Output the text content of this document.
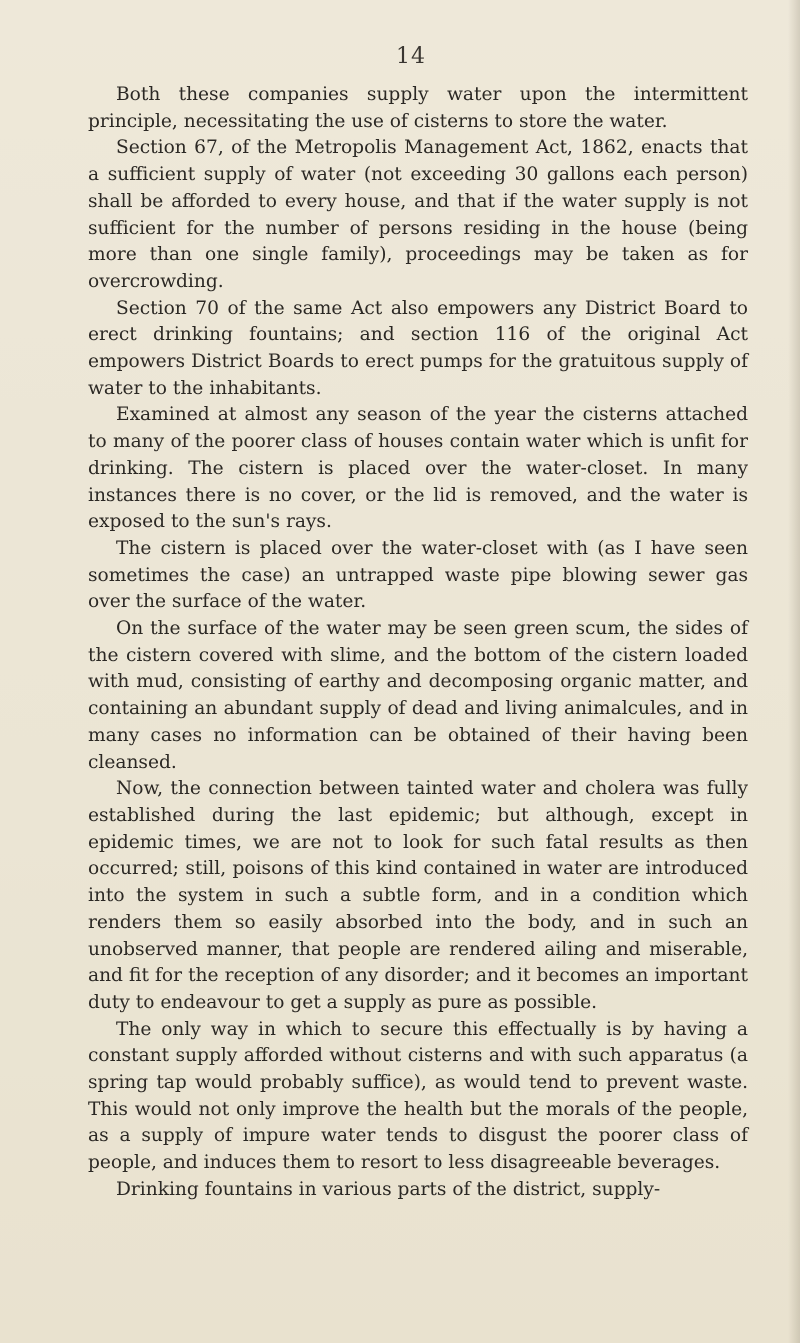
14

Both these companies supply water upon the intermittent principle, necessitating the use of cisterns to store the water.

Section 67, of the Metropolis Management Act, 1862, enacts that a sufficient supply of water (not exceeding 30 gallons each person) shall be afforded to every house, and that if the water supply is not sufficient for the number of persons residing in the house (being more than one single family), proceedings may be taken as for overcrowding.

Section 70 of the same Act also empowers any District Board to erect drinking fountains; and section 116 of the original Act empowers District Boards to erect pumps for the gratuitous supply of water to the inhabitants.

Examined at almost any season of the year the cisterns attached to many of the poorer class of houses contain water which is unfit for drinking. The cistern is placed over the water-closet. In many instances there is no cover, or the lid is removed, and the water is exposed to the sun's rays.

The cistern is placed over the water-closet with (as I have seen sometimes the case) an untrapped waste pipe blowing sewer gas over the surface of the water.

On the surface of the water may be seen green scum, the sides of the cistern covered with slime, and the bottom of the cistern loaded with mud, consisting of earthy and decomposing organic matter, and containing an abundant supply of dead and living animalcules, and in many cases no information can be obtained of their having been cleansed.

Now, the connection between tainted water and cholera was fully established during the last epidemic; but although, except in epidemic times, we are not to look for such fatal results as then occurred; still, poisons of this kind contained in water are introduced into the system in such a subtle form, and in a condition which renders them so easily absorbed into the body, and in such an unobserved manner, that people are rendered ailing and miserable, and fit for the reception of any disorder; and it becomes an important duty to endeavour to get a supply as pure as possible.

The only way in which to secure this effectually is by having a constant supply afforded without cisterns and with such apparatus (a spring tap would probably suffice), as would tend to prevent waste. This would not only improve the health but the morals of the people, as a supply of impure water tends to disgust the poorer class of people, and induces them to resort to less disagreeable beverages.

Drinking fountains in various parts of the district, supply-
